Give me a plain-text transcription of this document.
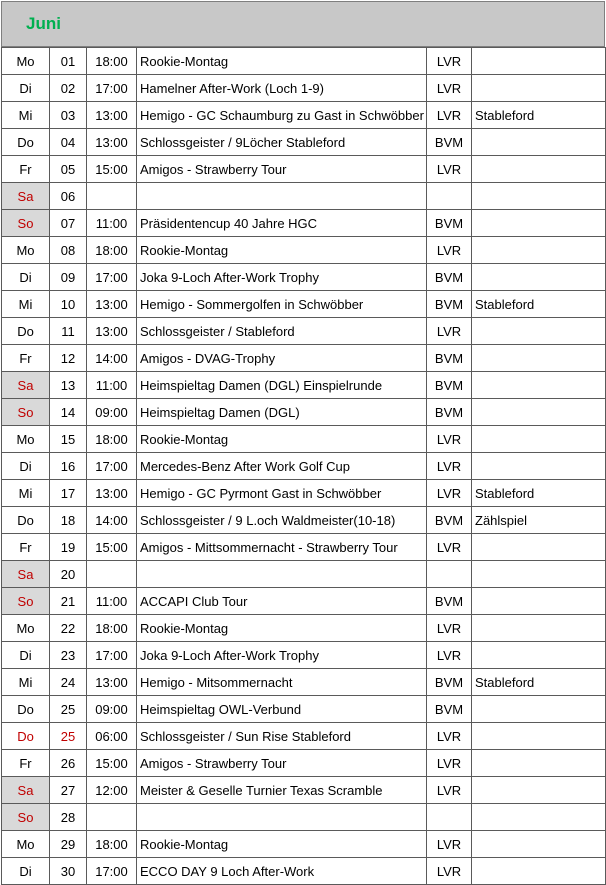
Juni
Mo	01	18:00	Rookie-Montag	LVR	
Di	02	17:00	Hamelner After-Work (Loch 1-9)	LVR	
Mi	03	13:00	Hemigo - GC Schaumburg zu Gast in Schwöbber	LVR	Stableford
Do	04	13:00	Schlossgeister / 9Löcher Stableford	BVM	
Fr	05	15:00	Amigos - Strawberry Tour	LVR	
Sa	06				
So	07	11:00	Präsidentencup 40 Jahre HGC	BVM	
Mo	08	18:00	Rookie-Montag	LVR	
Di	09	17:00	Joka 9-Loch After-Work Trophy	BVM	
Mi	10	13:00	Hemigo - Sommergolfen in Schwöbber	BVM	Stableford
Do	11	13:00	Schlossgeister / Stableford	LVR	
Fr	12	14:00	Amigos - DVAG-Trophy	BVM	
Sa	13	11:00	Heimspieltag Damen (DGL) Einspielrunde	BVM	
So	14	09:00	Heimspieltag Damen (DGL)	BVM	
Mo	15	18:00	Rookie-Montag	LVR	
Di	16	17:00	Mercedes-Benz After Work Golf Cup	LVR	
Mi	17	13:00	Hemigo - GC Pyrmont Gast in Schwöbber	LVR	Stableford
Do	18	14:00	Schlossgeister / 9 L.och Waldmeister(10-18)	BVM	Zählspiel
Fr	19	15:00	Amigos - Mittsommernacht - Strawberry Tour	LVR	
Sa	20				
So	21	11:00	ACCAPI Club Tour	BVM	
Mo	22	18:00	Rookie-Montag	LVR	
Di	23	17:00	Joka 9-Loch After-Work Trophy	LVR	
Mi	24	13:00	Hemigo - Mitsommernacht	BVM	Stableford
Do	25	09:00	Heimspieltag OWL-Verbund	BVM	
Do	25	06:00	Schlossgeister / Sun Rise Stableford	LVR	
Fr	26	15:00	Amigos - Strawberry Tour	LVR	
Sa	27	12:00	Meister & Geselle Turnier Texas Scramble	LVR	
So	28				
Mo	29	18:00	Rookie-Montag	LVR	
Di	30	17:00	ECCO DAY 9 Loch After-Work	LVR	
